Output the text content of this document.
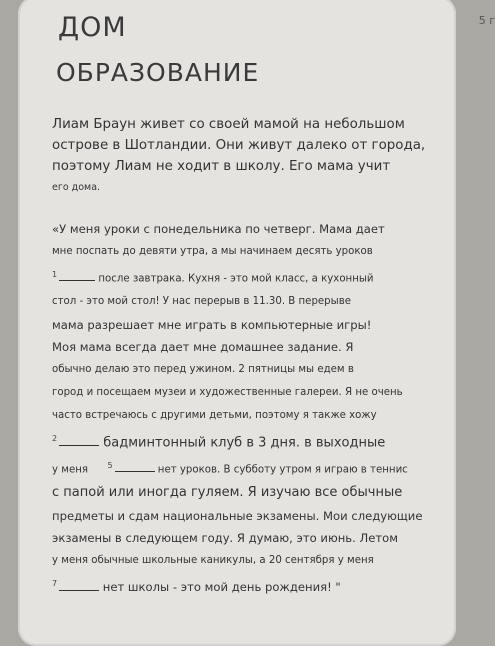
5 г
ДОМ
ОБРАЗОВАНИЕ
Лиам Браун живет со своей мамой на небольшом
острове в Шотландии. Они живут далеко от города,
поэтому Лиам не ходит в школу. Его мама учит
его дома.
«У меня уроки с понедельника по четверг. Мама дает
мне поспать до девяти утра, а мы начинаем десять уроков
$^1$	после завтрака. Кухня - это мой класс, а кухонный
стол - это мой стол! У нас перерыв в 11.30. В перерыве
мама разрешает мне играть в компьютерные игры!
Моя мама всегда дает мне домашнее задание. Я
обычно делаю это перед ужином. 2 пятницы мы едем в
город и посещаем музеи и художественные галереи. Я не очень
часто встречаюсь с другими детьми, поэтому я также хожу
$^2$	бадминтонный клуб в 3 дня. в выходные
у меня $^5$	нет уроков. В субботу утром я играю в теннис
с папой или иногда гуляем. Я изучаю все обычные
предметы и сдам национальные экзамены. Мои следующие
экзамены в следующем году. Я думаю, это июнь. Летом
у меня обычные школьные каникулы, а 20 сентября у меня
$^7$	нет школы - это мой день рождения! "
